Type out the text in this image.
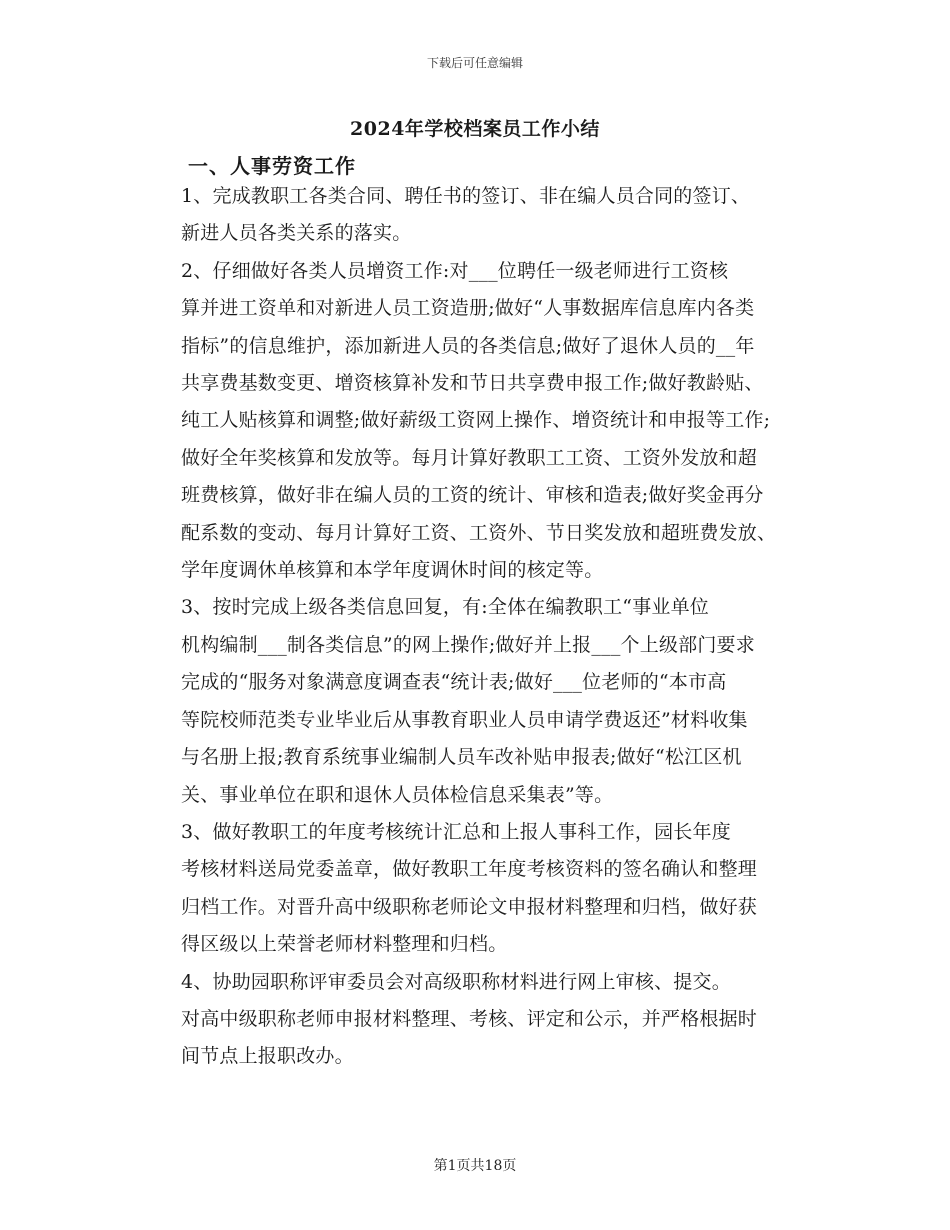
下载后可任意编辑
2024年学校档案员工作小结
一、人事劳资工作

1、完成教职工各类合同、聘任书的签订、非在编人员合同的签订、
新进人员各类关系的落实。

2、仔细做好各类人员增资工作:对___位聘任一级老师进行工资核
算并进工资单和对新进人员工资造册;做好“人事数据库信息库内各类
指标”的信息维护，添加新进人员的各类信息;做好了退休人员的__年
共享费基数变更、增资核算补发和节日共享费申报工作;做好教龄贴、
纯工人贴核算和调整;做好薪级工资网上操作、增资统计和申报等工作;
做好全年奖核算和发放等。每月计算好教职工工资、工资外发放和超
班费核算，做好非在编人员的工资的统计、审核和造表;做好奖金再分
配系数的变动、每月计算好工资、工资外、节日奖发放和超班费发放、
学年度调休单核算和本学年度调休时间的核定等。

3、按时完成上级各类信息回复，有:全体在编教职工“事业单位
机构编制___制各类信息”的网上操作;做好并上报___个上级部门要求
完成的“服务对象满意度调查表“统计表;做好___位老师的“本市高
等院校师范类专业毕业后从事教育职业人员申请学费返还”材料收集
与名册上报;教育系统事业编制人员车改补贴申报表;做好“松江区机
关、事业单位在职和退休人员体检信息采集表”等。

3、做好教职工的年度考核统计汇总和上报人事科工作，园长年度
考核材料送局党委盖章，做好教职工年度考核资料的签名确认和整理
归档工作。对晋升高中级职称老师论文申报材料整理和归档，做好获
得区级以上荣誉老师材料整理和归档。

4、协助园职称评审委员会对高级职称材料进行网上审核、提交。
对高中级职称老师申报材料整理、考核、评定和公示，并严格根据时
间节点上报职改办。

第1页共18页
